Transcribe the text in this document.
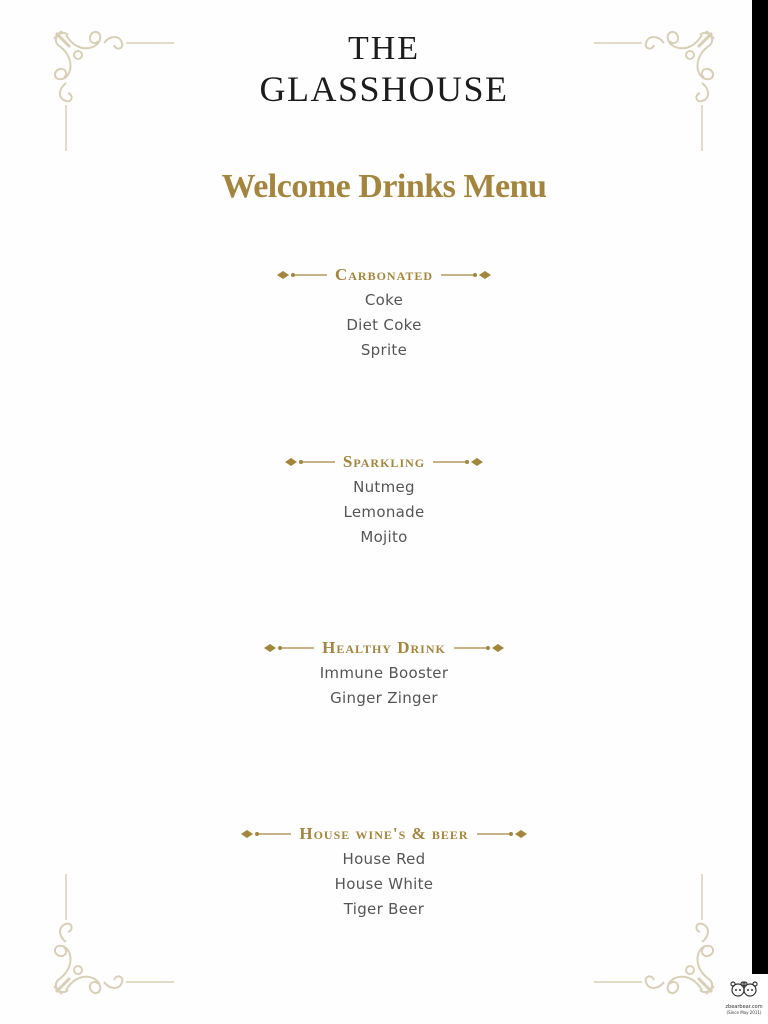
THE
GLASSHOUSE
Welcome Drinks Menu
Carbonated
Coke
Diet Coke
Sprite
Sparkling
Nutmeg
Lemonade
Mojito
Healthy Drink
Immune Booster
Ginger Zinger
House wine's & beer
House Red
House White
Tiger Beer
zbearbear.com
(Since May 2011)
